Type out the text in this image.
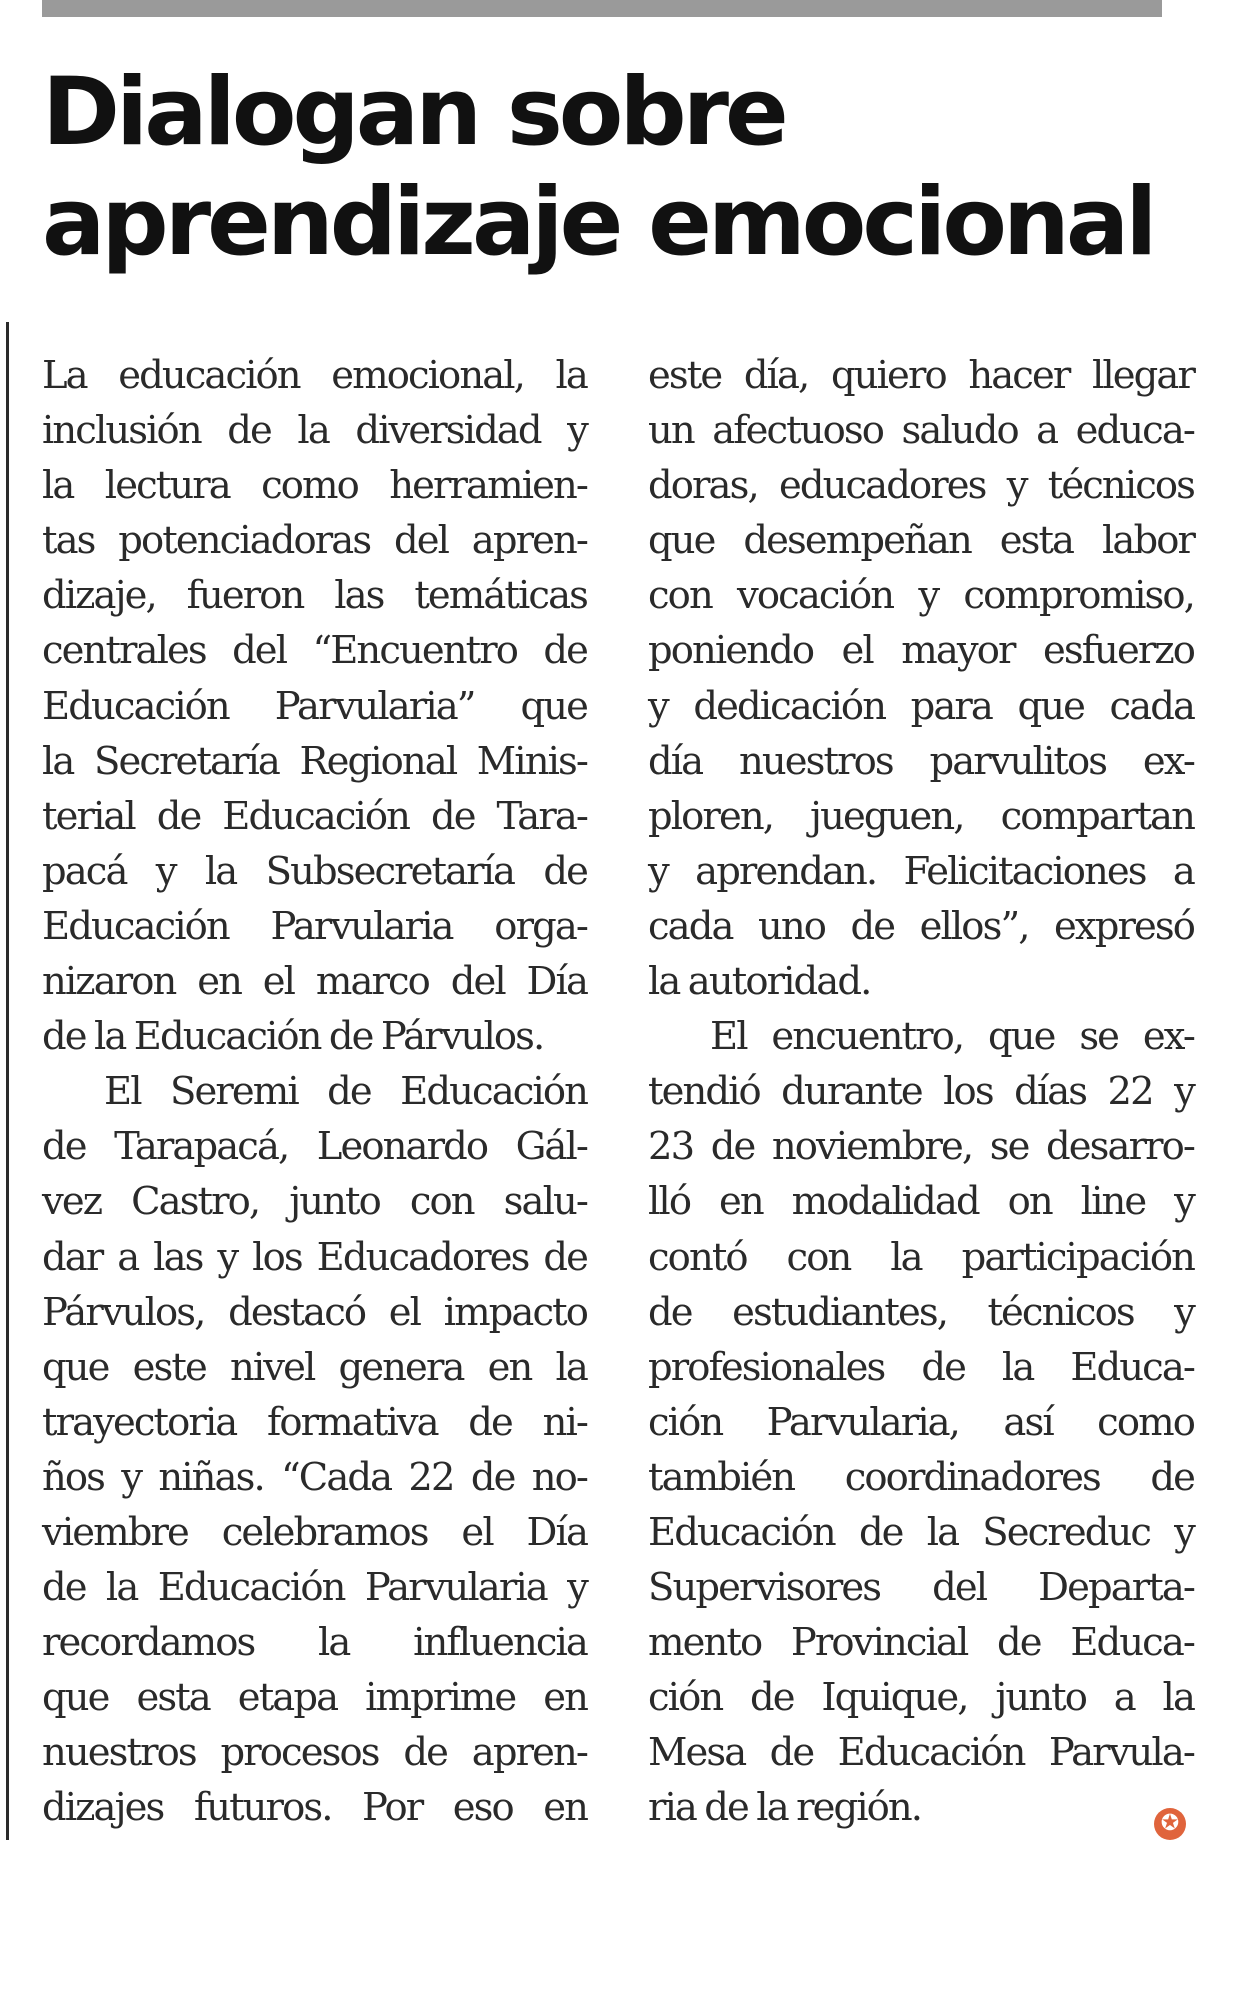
Dialogan sobre
aprendizaje emocional
La educación emocional, la
inclusión de la diversidad y
la lectura como herramien-
tas potenciadoras del apren-
dizaje, fueron las temáticas
centrales del “Encuentro de
Educación Parvularia” que
la Secretaría Regional Minis-
terial de Educación de Tara-
pacá y la Subsecretaría de
Educación Parvularia orga-
nizaron en el marco del Día
de la Educación de Párvulos.
El Seremi de Educación
de Tarapacá, Leonardo Gál-
vez Castro, junto con salu-
dar a las y los Educadores de
Párvulos, destacó el impacto
que este nivel genera en la
trayectoria formativa de ni-
ños y niñas. “Cada 22 de no-
viembre celebramos el Día
de la Educación Parvularia y
recordamos la influencia
que esta etapa imprime en
nuestros procesos de apren-
dizajes futuros. Por eso en
este día, quiero hacer llegar
un afectuoso saludo a educa-
doras, educadores y técnicos
que desempeñan esta labor
con vocación y compromiso,
poniendo el mayor esfuerzo
y dedicación para que cada
día nuestros parvulitos ex-
ploren, jueguen, compartan
y aprendan. Felicitaciones a
cada uno de ellos”, expresó
la autoridad.
El encuentro, que se ex-
tendió durante los días 22 y
23 de noviembre, se desarro-
lló en modalidad on line y
contó con la participación
de estudiantes, técnicos y
profesionales de la Educa-
ción Parvularia, así como
también coordinadores de
Educación de la Secreduc y
Supervisores del Departa-
mento Provincial de Educa-
ción de Iquique, junto a la
Mesa de Educación Parvula-
ria de la región.	✪
